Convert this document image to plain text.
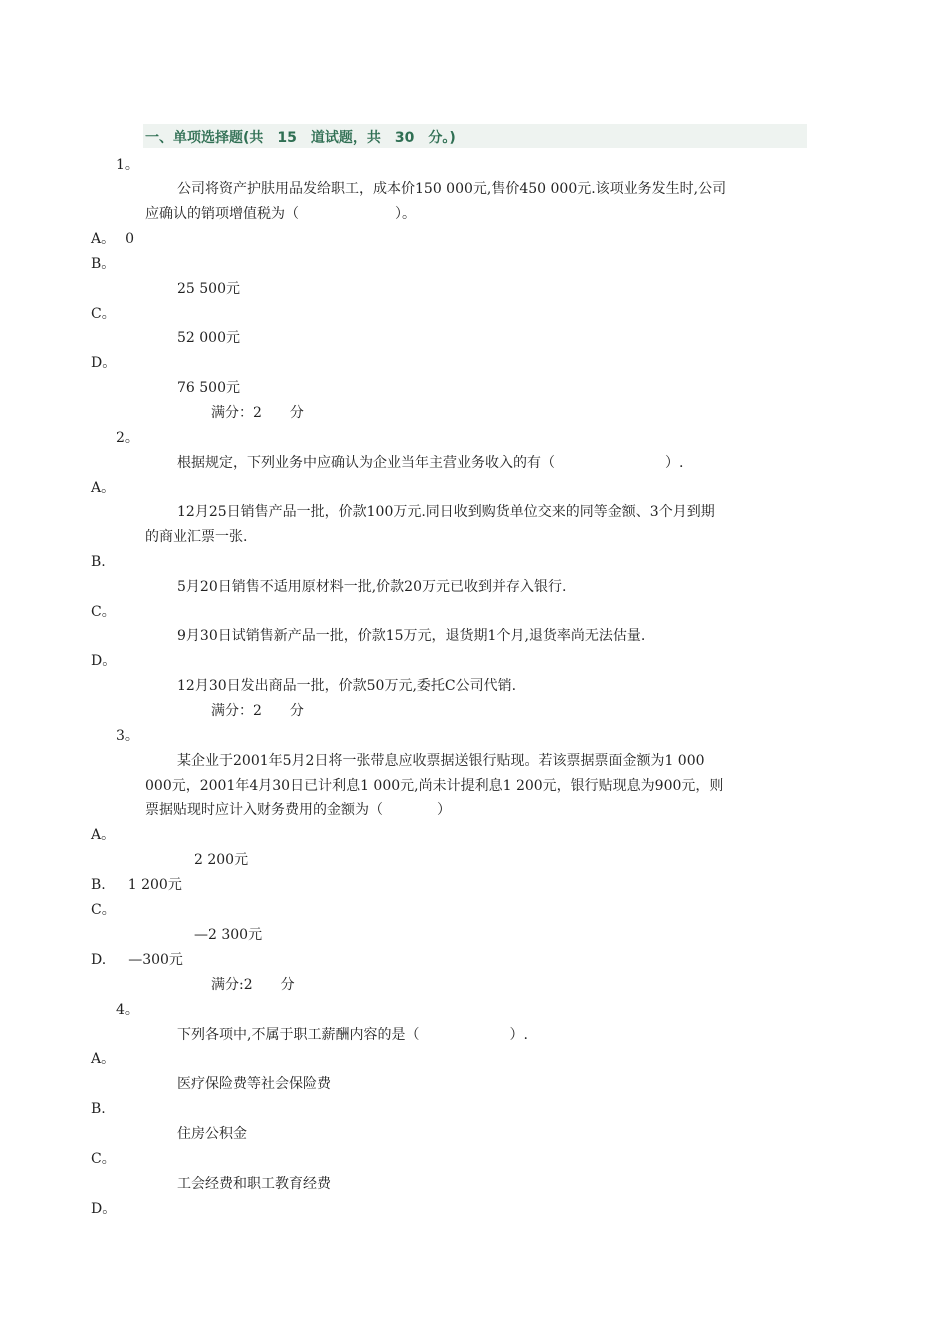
一、单项选择题(共　15　道试题，共　30　分。)
1。
公司将资产护肤用品发给职工，成本价150 000元,售价450 000元.该项业务发生时,公司
应确认的销项增值税为（	）。
A。 0
B。
25 500元
C。
52 000元
D。
76 500元
满分：2　　分
2。
根据规定，下列业务中应确认为企业当年主营业务收入的有（	）.
A。
12月25日销售产品一批，价款100万元.同日收到购货单位交来的同等金额、3个月到期
的商业汇票一张.
B.
5月20日销售不适用原材料一批,价款20万元已收到并存入银行.
C。
9月30日试销售新产品一批，价款15万元，退货期1个月,退货率尚无法估量.
D。
12月30日发出商品一批，价款50万元,委托C公司代销.
满分：2　　分
3。
某企业于2001年5月2日将一张带息应收票据送银行贴现。若该票据票面金额为1 000
000元，2001年4月30日已计利息1 000元,尚未计提利息1 200元，银行贴现息为900元，则
票据贴现时应计入财务费用的金额为（	）
A。
2 200元
B. 1 200元
C。
—2 300元
D. —300元
满分:2　　分
4。
下列各项中,不属于职工薪酬内容的是（	）.
A。
医疗保险费等社会保险费
B.
住房公积金
C。
工会经费和职工教育经费
D。
